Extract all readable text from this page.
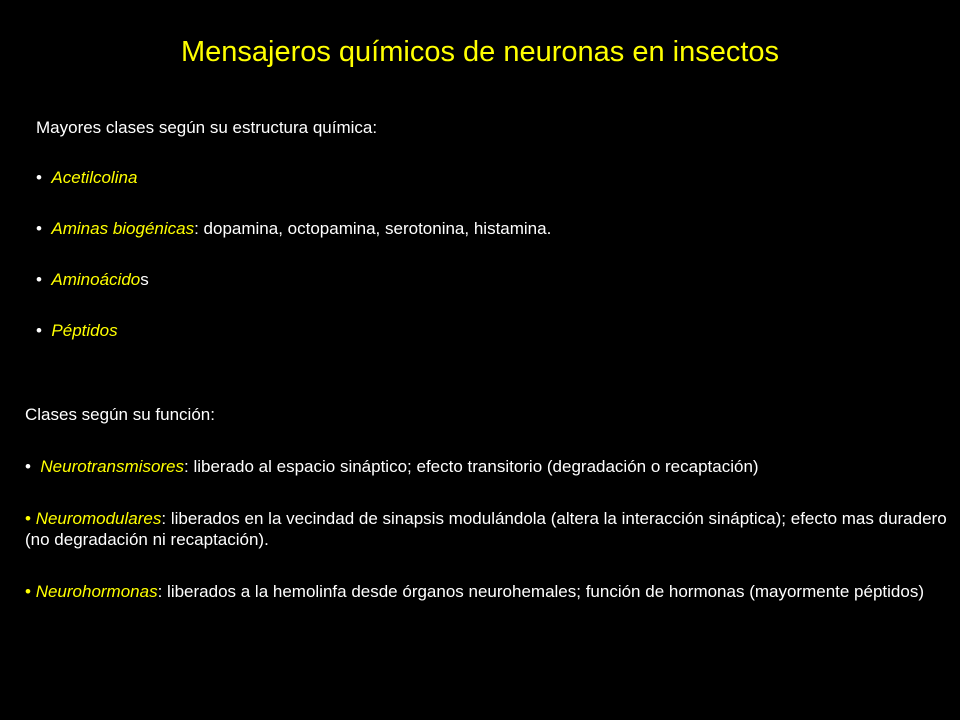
Mensajeros químicos de neuronas en insectos
Mayores clases según su estructura química:
• Acetilcolina
• Aminas biogénicas: dopamina, octopamina, serotonina, histamina.
• Aminoácidos
• Péptidos
Clases según su función:
• Neurotransmisores: liberado al espacio sináptico; efecto transitorio (degradación o recaptación)
• Neuromodulares: liberados en la vecindad de sinapsis modulándola (altera la interacción sináptica); efecto mas duradero (no degradación ni recaptación).
• Neurohormonas: liberados a la hemolinfa desde órganos neurohemales; función de hormonas (mayormente péptidos)
